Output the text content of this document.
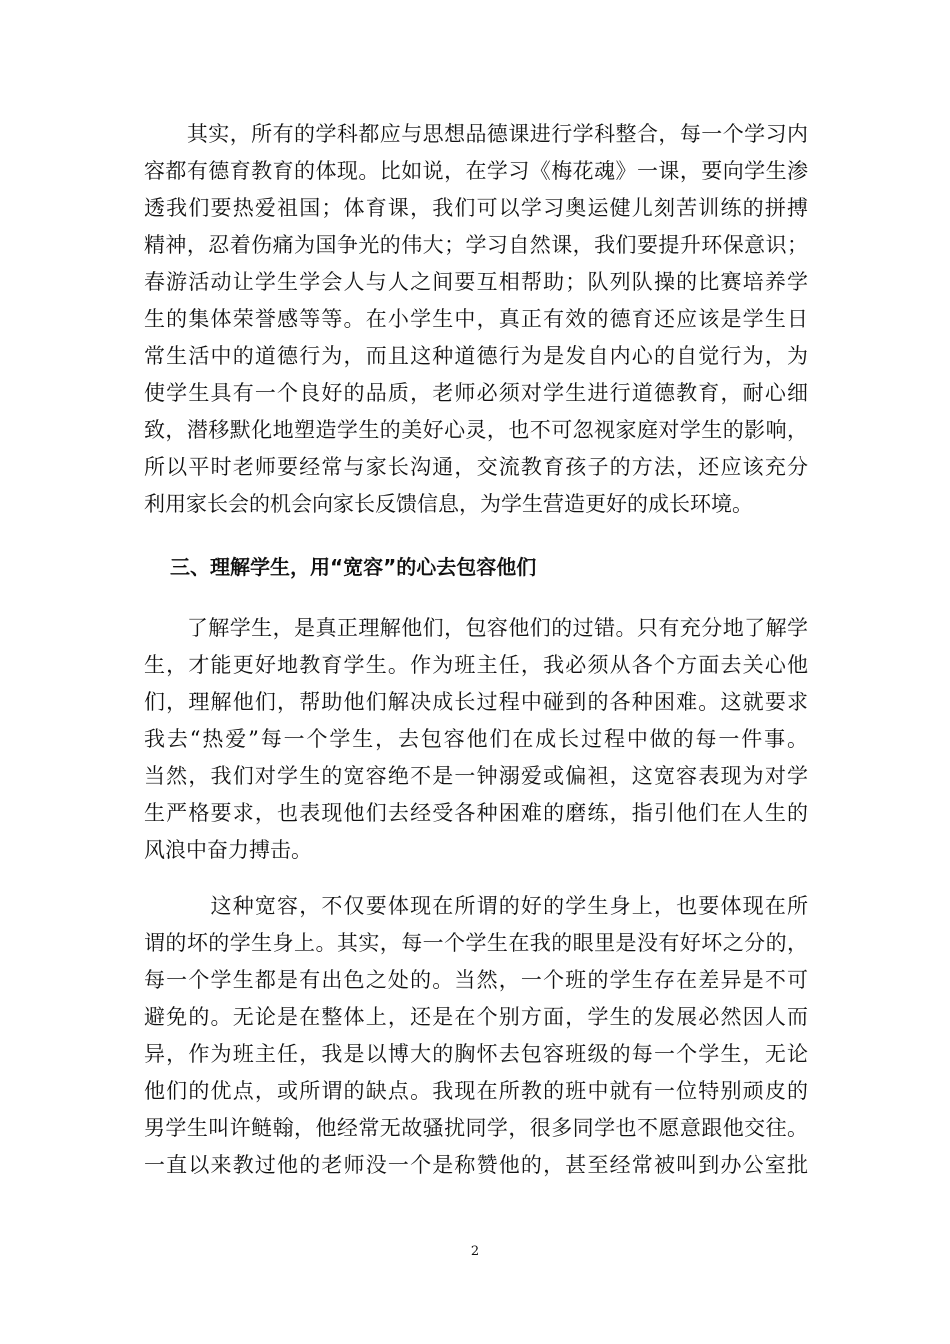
　　其实，所有的学科都应与思想品德课进行学科整合，每一个学习内
容都有德育教育的体现。比如说，在学习《梅花魂》一课，要向学生渗
透我们要热爱祖国；体育课，我们可以学习奥运健儿刻苦训练的拼搏
精神，忍着伤痛为国争光的伟大；学习自然课，我们要提升环保意识；
春游活动让学生学会人与人之间要互相帮助；队列队操的比赛培养学
生的集体荣誉感等等。在小学生中，真正有效的德育还应该是学生日
常生活中的道德行为，而且这种道德行为是发自内心的自觉行为，为
使学生具有一个良好的品质，老师必须对学生进行道德教育，耐心细
致，潜移默化地塑造学生的美好心灵，也不可忽视家庭对学生的影响，
所以平时老师要经常与家长沟通，交流教育孩子的方法，还应该充分
利用家长会的机会向家长反馈信息，为学生营造更好的成长环境。
三、理解学生，用“宽容”的心去包容他们
　　了解学生，是真正理解他们，包容他们的过错。只有充分地了解学
生，才能更好地教育学生。作为班主任，我必须从各个方面去关心他
们，理解他们，帮助他们解决成长过程中碰到的各种困难。这就要求
我去“热爱”每一个学生，去包容他们在成长过程中做的每一件事。
当然，我们对学生的宽容绝不是一钟溺爱或偏袒，这宽容表现为对学
生严格要求，也表现他们去经受各种困难的磨练，指引他们在人生的
风浪中奋力搏击。
　　　这种宽容，不仅要体现在所谓的好的学生身上，也要体现在所
谓的坏的学生身上。其实，每一个学生在我的眼里是没有好坏之分的，
每一个学生都是有出色之处的。当然，一个班的学生存在差异是不可
避免的。无论是在整体上，还是在个别方面，学生的发展必然因人而
异，作为班主任，我是以博大的胸怀去包容班级的每一个学生，无论
他们的优点，或所谓的缺点。我现在所教的班中就有一位特别顽皮的
男学生叫许鲢翰，他经常无故骚扰同学，很多同学也不愿意跟他交往。
一直以来教过他的老师没一个是称赞他的，甚至经常被叫到办公室批
2
